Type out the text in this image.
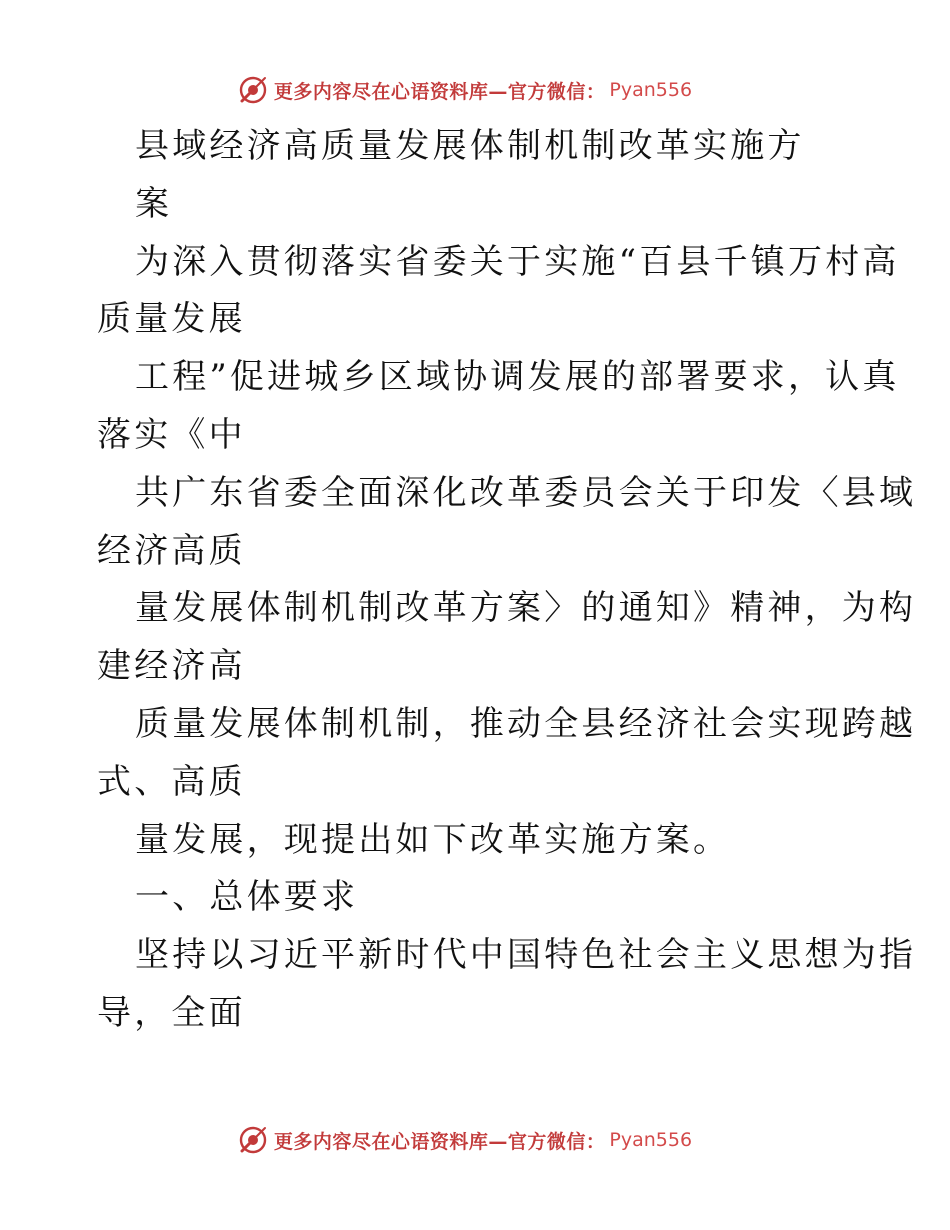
更多内容尽在心语资料库—官方微信： Pyan556
县域经济高质量发展体制机制改革实施方
案
为深入贯彻落实省委关于实施“百县千镇万村高
质量发展
工程”促进城乡区域协调发展的部署要求，认真
落实《中
共广东省委全面深化改革委员会关于印发〈县域
经济高质
量发展体制机制改革方案〉的通知》精神，为构
建经济高
质量发展体制机制，推动全县经济社会实现跨越
式、高质
量发展，现提出如下改革实施方案。
一、总体要求
坚持以习近平新时代中国特色社会主义思想为指
导，全面
更多内容尽在心语资料库—官方微信： Pyan556
